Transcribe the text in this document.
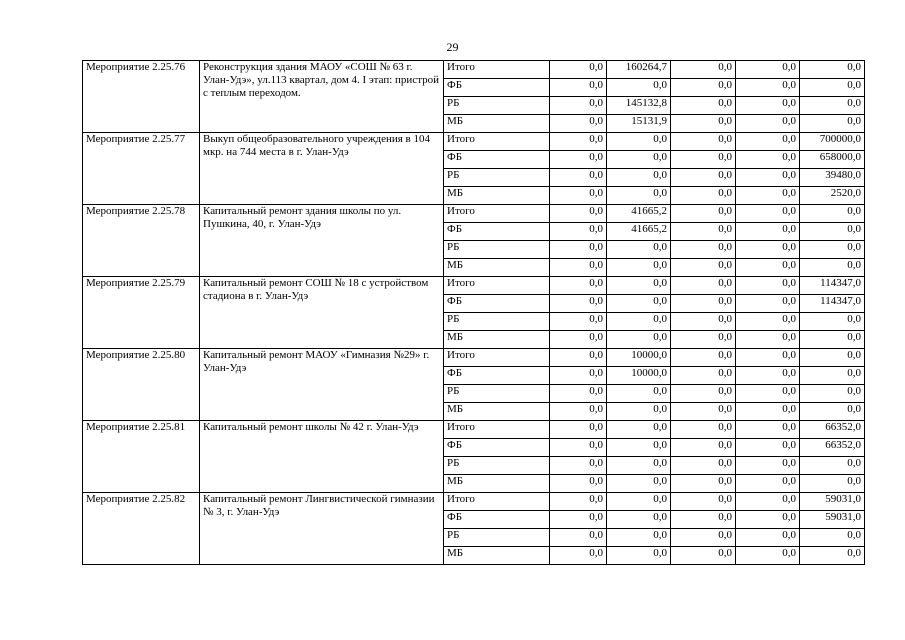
29
Мероприятие 2.25.76	Реконструкция здания МАОУ «СОШ № 63 г. Улан-Удэ», ул.113 квартал, дом 4. I этап: пристрой с теплым переходом.	Итого	0,0	160264,7	0,0	0,0	0,0
		ФБ	0,0	0,0	0,0	0,0	0,0
		РБ	0,0	145132,8	0,0	0,0	0,0
		МБ	0,0	15131,9	0,0	0,0	0,0
Мероприятие 2.25.77	Выкуп общеобразовательного учреждения в 104 мкр. на 744 места в г. Улан-Удэ	Итого	0,0	0,0	0,0	0,0	700000,0
		ФБ	0,0	0,0	0,0	0,0	658000,0
		РБ	0,0	0,0	0,0	0,0	39480,0
		МБ	0,0	0,0	0,0	0,0	2520,0
Мероприятие 2.25.78	Капитальный ремонт здания школы по ул. Пушкина, 40, г. Улан-Удэ	Итого	0,0	41665,2	0,0	0,0	0,0
		ФБ	0,0	41665,2	0,0	0,0	0,0
		РБ	0,0	0,0	0,0	0,0	0,0
		МБ	0,0	0,0	0,0	0,0	0,0
Мероприятие 2.25.79	Капитальный ремонт СОШ № 18 с устройством стадиона в г. Улан-Удэ	Итого	0,0	0,0	0,0	0,0	114347,0
		ФБ	0,0	0,0	0,0	0,0	114347,0
		РБ	0,0	0,0	0,0	0,0	0,0
		МБ	0,0	0,0	0,0	0,0	0,0
Мероприятие 2.25.80	Капитальный ремонт МАОУ «Гимназия №29» г. Улан-Удэ	Итого	0,0	10000,0	0,0	0,0	0,0
		ФБ	0,0	10000,0	0,0	0,0	0,0
		РБ	0,0	0,0	0,0	0,0	0,0
		МБ	0,0	0,0	0,0	0,0	0,0
Мероприятие 2.25.81	Капитальный ремонт школы № 42 г. Улан-Удэ	Итого	0,0	0,0	0,0	0,0	66352,0
		ФБ	0,0	0,0	0,0	0,0	66352,0
		РБ	0,0	0,0	0,0	0,0	0,0
		МБ	0,0	0,0	0,0	0,0	0,0
Мероприятие 2.25.82	Капитальный ремонт Лингвистической гимназии № 3, г. Улан-Удэ	Итого	0,0	0,0	0,0	0,0	59031,0
		ФБ	0,0	0,0	0,0	0,0	59031,0
		РБ	0,0	0,0	0,0	0,0	0,0
		МБ	0,0	0,0	0,0	0,0	0,0
